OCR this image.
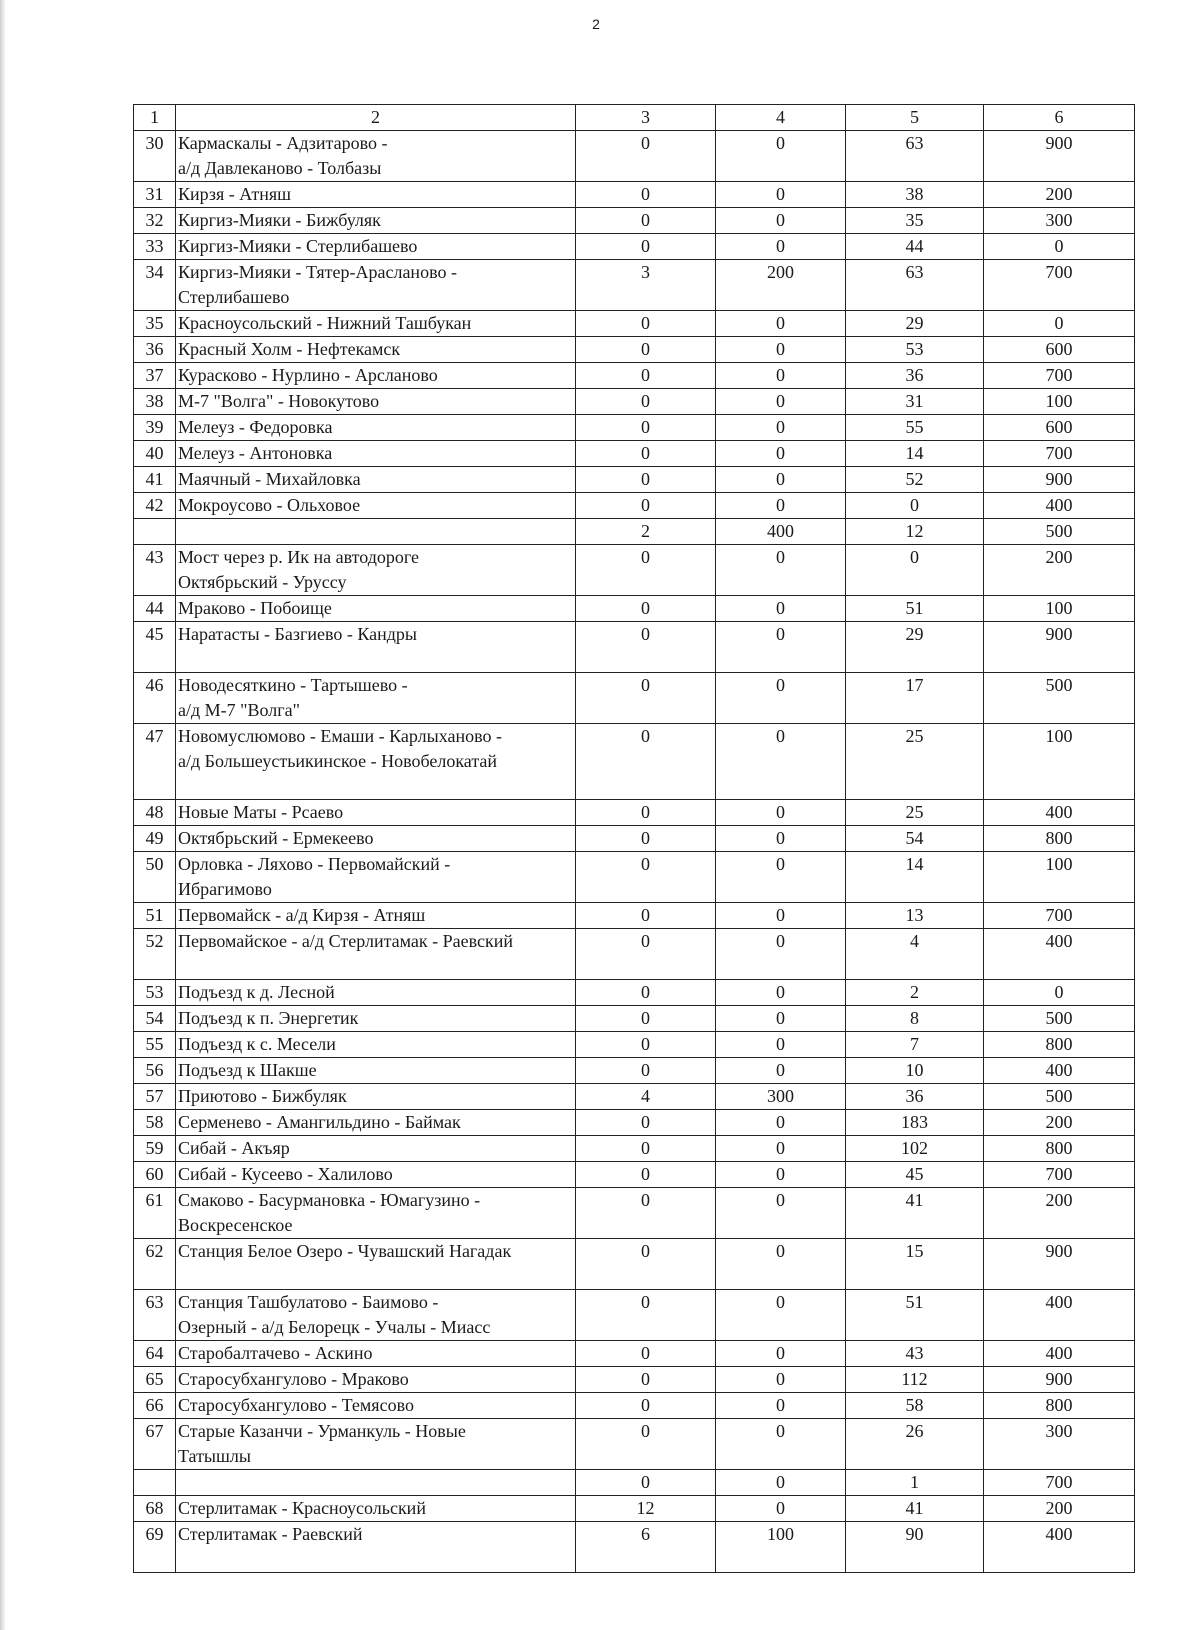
2
1	2	3	4	5	6
30	Кармаскалы - Адзитарово -
а/д Давлеканово - Толбазы	0	0	63	900
31	Кирзя - Атняш	0	0	38	200
32	Киргиз-Мияки - Бижбуляк	0	0	35	300
33	Киргиз-Мияки - Стерлибашево	0	0	44	0
34	Киргиз-Мияки - Тятер-Арасланово -
Стерлибашево	3	200	63	700
35	Красноусольский - Нижний Ташбукан	0	0	29	0
36	Красный Холм - Нефтекамск	0	0	53	600
37	Курасково - Нурлино - Арсланово	0	0	36	700
38	М-7 "Волга" - Новокутово	0	0	31	100
39	Мелеуз - Федоровка	0	0	55	600
40	Мелеуз - Антоновка	0	0	14	700
41	Маячный - Михайловка	0	0	52	900
42	Мокроусово - Ольховое	0	0	0	400
		2	400	12	500
43	Мост через р. Ик на автодороге
Октябрьский - Уруссу	0	0	0	200
44	Мраково - Побоище	0	0	51	100
45	Наратасты - Базгиево - Кандры	0	0	29	900
46	Новодесяткино - Тартышево -
а/д М-7 "Волга"	0	0	17	500
47	Новомуслюмово - Емаши - Карлыханово -
а/д Большеустьикинское - Новобелокатай	0	0	25	100
48	Новые Маты - Рсаево	0	0	25	400
49	Октябрьский - Ермекеево	0	0	54	800
50	Орловка - Ляхово - Первомайский -
Ибрагимово	0	0	14	100
51	Первомайск - а/д Кирзя - Атняш	0	0	13	700
52	Первомайское - а/д Стерлитамак - Раевский	0	0	4	400
53	Подъезд к д. Лесной	0	0	2	0
54	Подъезд к п. Энергетик	0	0	8	500
55	Подъезд к с. Месели	0	0	7	800
56	Подъезд к Шакше	0	0	10	400
57	Приютово - Бижбуляк	4	300	36	500
58	Серменево - Амангильдино - Баймак	0	0	183	200
59	Сибай - Акъяр	0	0	102	800
60	Сибай - Кусеево - Халилово	0	0	45	700
61	Смаково - Басурмановка - Юмагузино -
Воскресенское	0	0	41	200
62	Станция Белое Озеро - Чувашский Нагадак	0	0	15	900
63	Станция Ташбулатово - Баимово -
Озерный - а/д Белорецк - Учалы - Миасс	0	0	51	400
64	Старобалтачево - Аскино	0	0	43	400
65	Старосубхангулово - Мраково	0	0	112	900
66	Старосубхангулово - Темясово	0	0	58	800
67	Старые Казанчи - Урманкуль - Новые
Татышлы	0	0	26	300
		0	0	1	700
68	Стерлитамак - Красноусольский	12	0	41	200
69	Стерлитамак - Раевский	6	100	90	400
